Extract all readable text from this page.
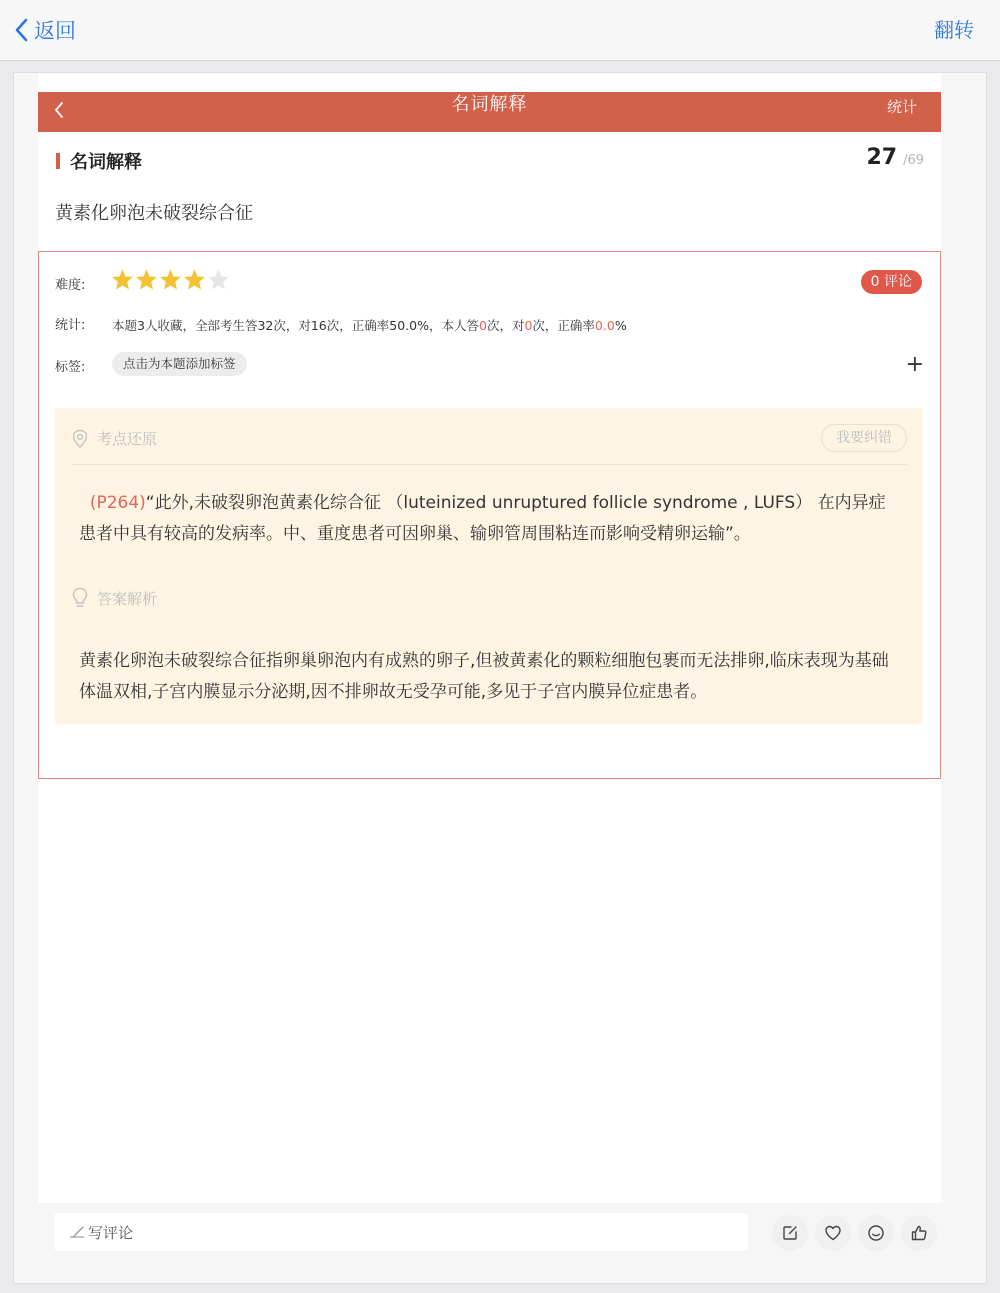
返回	翻转
名词解释	统计
名词解释	27 /69
黄素化卵泡未破裂综合征
难度:	0 评论
统计: 本题3人收藏，全部考生答32次，对16次，正确率50.0%，本人答0次，对0次，正确率0.0%
标签:	点击为本题添加标签	+
考点还原	我要纠错
(P264)“此外,未破裂卵泡黄素化综合征 （luteinized unruptured follicle syndrome , LUFS） 在内异症患者中具有较高的发病率。中、重度患者可因卵巢、输卵管周围粘连而影响受精卵运输”。
答案解析
黄素化卵泡未破裂综合征指卵巢卵泡内有成熟的卵子,但被黄素化的颗粒细胞包裹而无法排卵,临床表现为基础体温双相,子宫内膜显示分泌期,因不排卵故无受孕可能,多见于子宫内膜异位症患者。
写评论
